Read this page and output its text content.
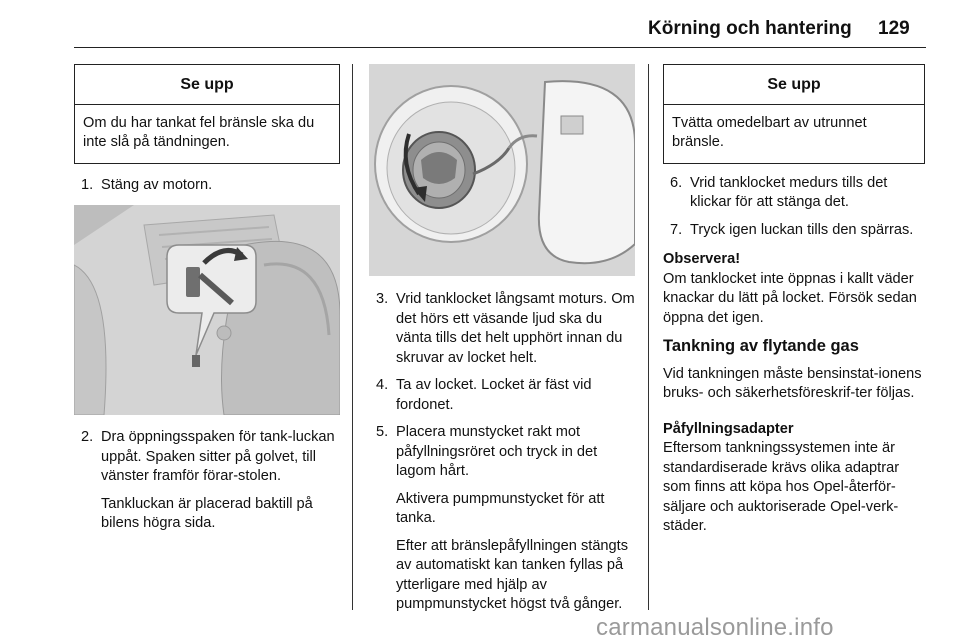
Körning och hantering 129
Se upp
Om du har tankat fel bränsle ska du inte slå på tändningen.
1. Stäng av motorn.

2. Dra öppningsspaken för tank-luckan uppåt. Spaken sitter på golvet, till vänster framför förar-stolen.

Tankluckan är placerad baktill på bilens högra sida.

3. Vrid tanklocket långsamt moturs. Om det hörs ett väsande ljud ska du vänta tills det helt upphört innan du skruvar av locket helt.

4. Ta av locket. Locket är fäst vid fordonet.

5. Placera munstycket rakt mot påfyllningsröret och tryck in det lagom hårt.

Aktivera pumpmunstycket för att tanka.

Efter att bränslepåfyllningen stängts av automatiskt kan tanken fyllas på ytterligare med hjälp av pumpmunstycket högst två gånger.

Se upp
Tvätta omedelbart av utrunnet bränsle.
6. Vrid tanklocket medurs tills det klickar för att stänga det.

7. Tryck igen luckan tills den spärras.

Observera!

Om tanklocket inte öppnas i kallt väder knackar du lätt på locket. Försök sedan öppna det igen.

Tankning av flytande gas

Vid tankningen måste bensinstat-ionens bruks- och säkerhetsföreskrif-ter följas.

Påfyllningsadapter

Eftersom tankningssystemen inte är standardiserade krävs olika adaptrar som finns att köpa hos Opel-återför-säljare och auktoriserade Opel-verk-städer.

carmanualsonline.info
